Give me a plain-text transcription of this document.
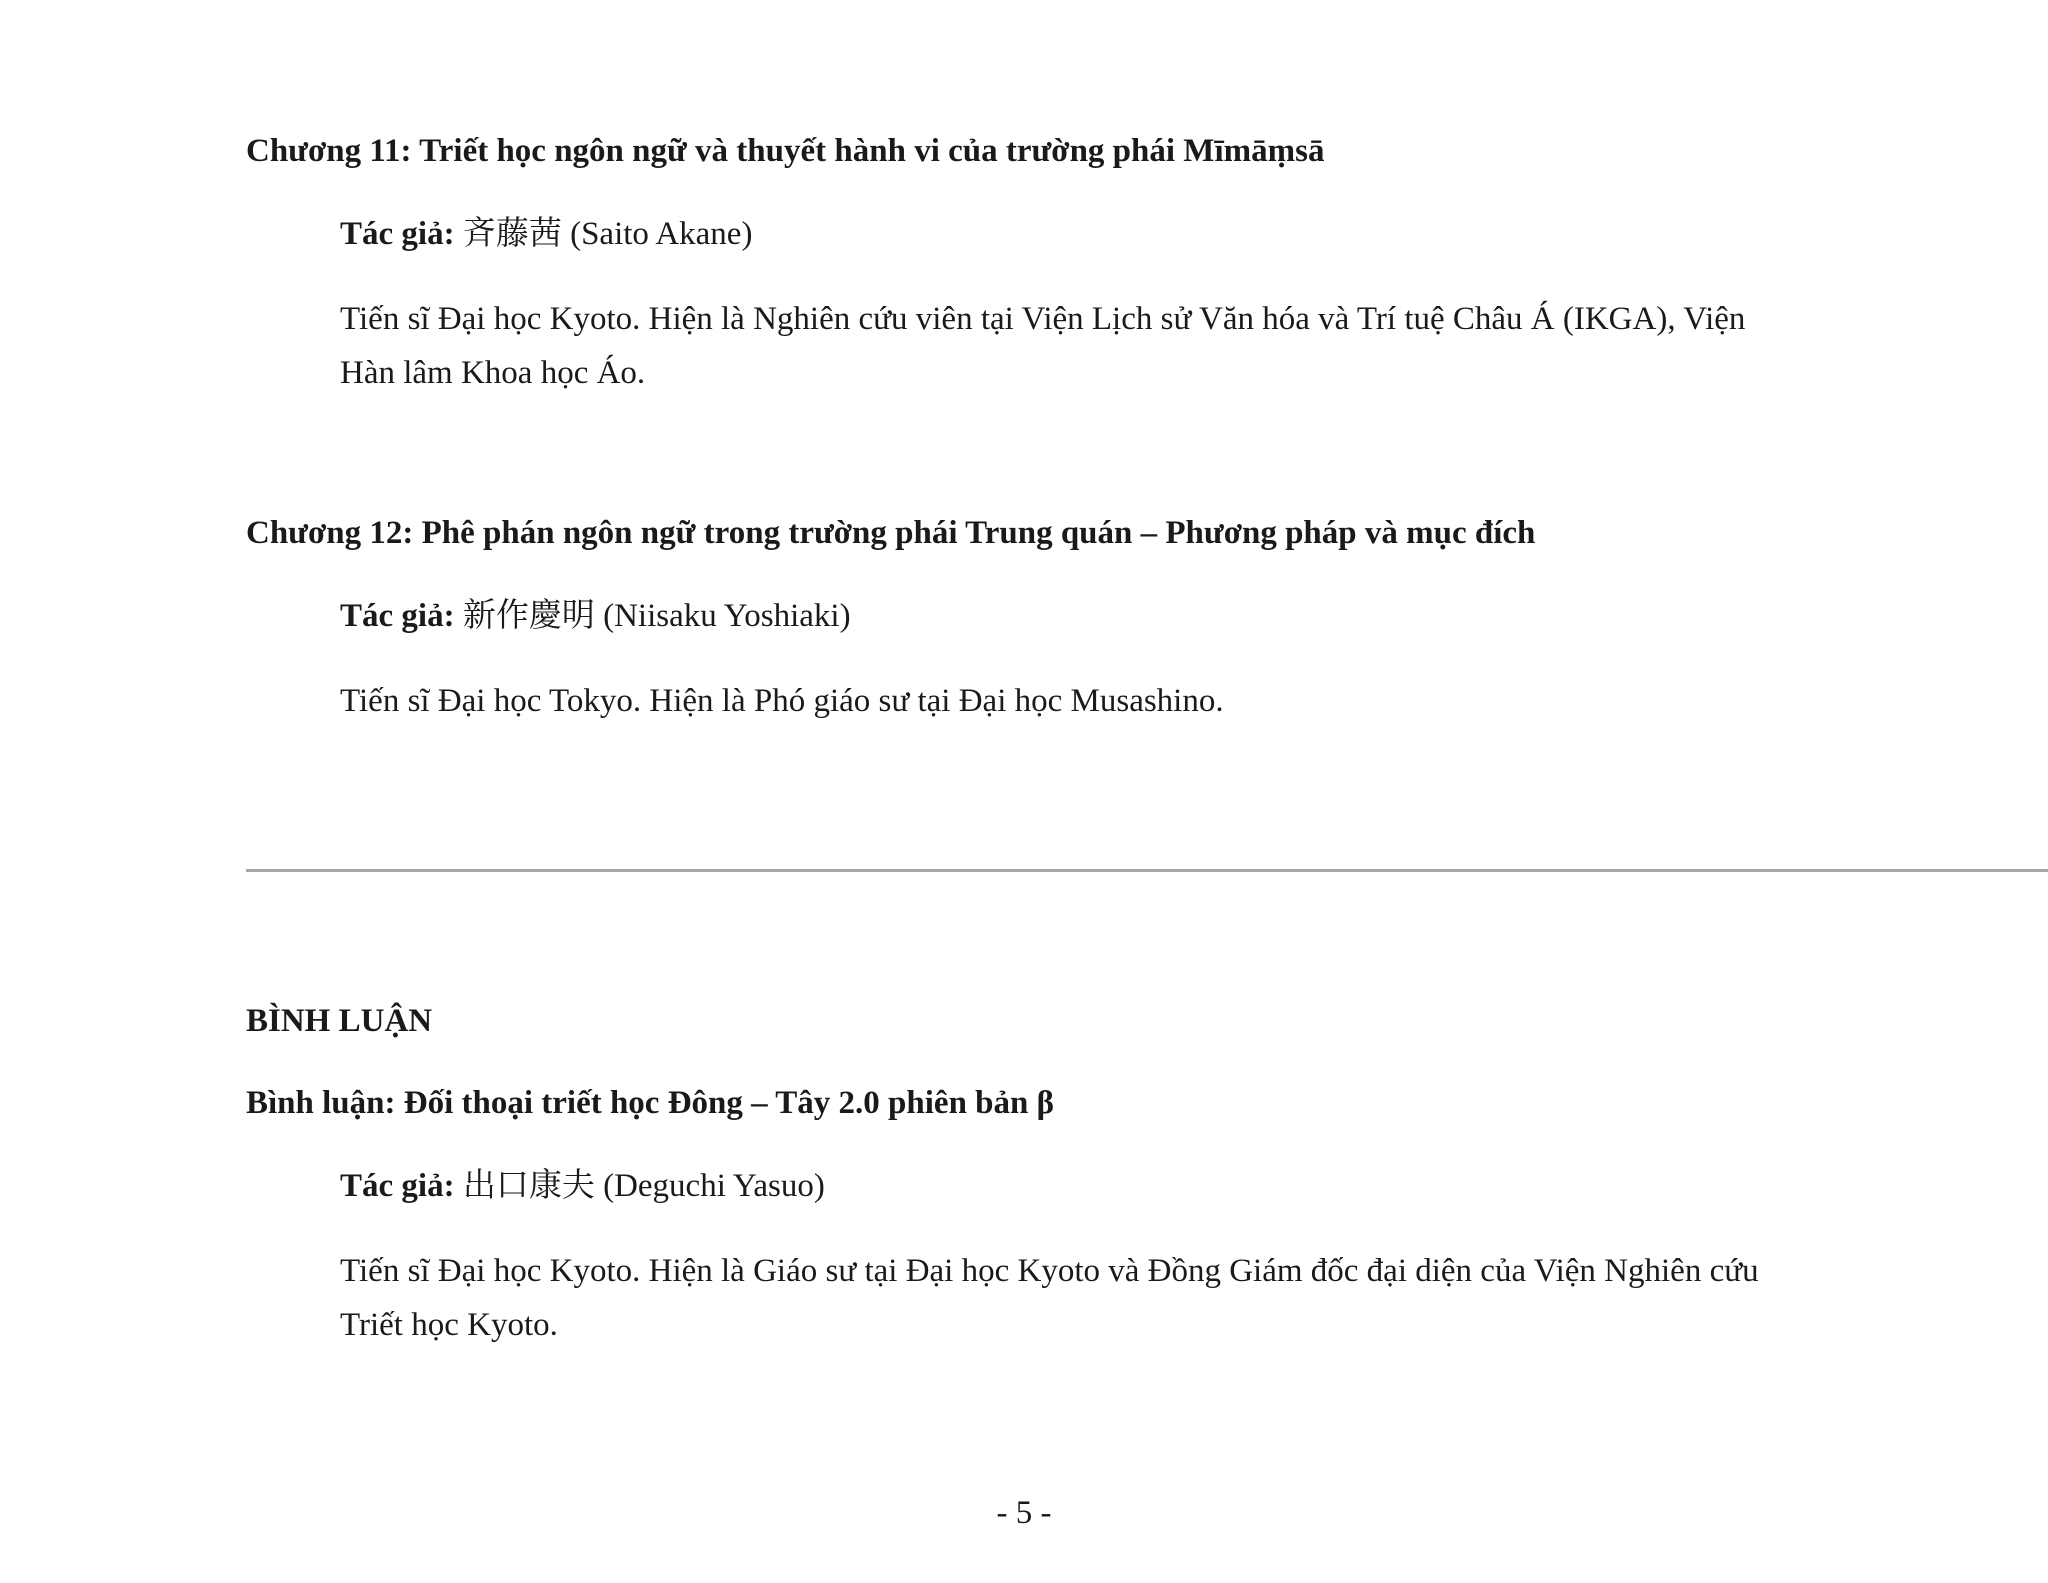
Chương 11: Triết học ngôn ngữ và thuyết hành vi của trường phái Mīmāṃsā
Tác giả: 斉藤茜 (Saito Akane)
Tiến sĩ Đại học Kyoto. Hiện là Nghiên cứu viên tại Viện Lịch sử Văn hóa và Trí tuệ Châu Á (IKGA), Viện
Hàn lâm Khoa học Áo.
Chương 12: Phê phán ngôn ngữ trong trường phái Trung quán – Phương pháp và mục đích
Tác giả: 新作慶明 (Niisaku Yoshiaki)
Tiến sĩ Đại học Tokyo. Hiện là Phó giáo sư tại Đại học Musashino.
BÌNH LUẬN
Bình luận: Đối thoại triết học Đông – Tây 2.0 phiên bản β
Tác giả: 出口康夫 (Deguchi Yasuo)
Tiến sĩ Đại học Kyoto. Hiện là Giáo sư tại Đại học Kyoto và Đồng Giám đốc đại diện của Viện Nghiên cứu
Triết học Kyoto.
- 5 -
